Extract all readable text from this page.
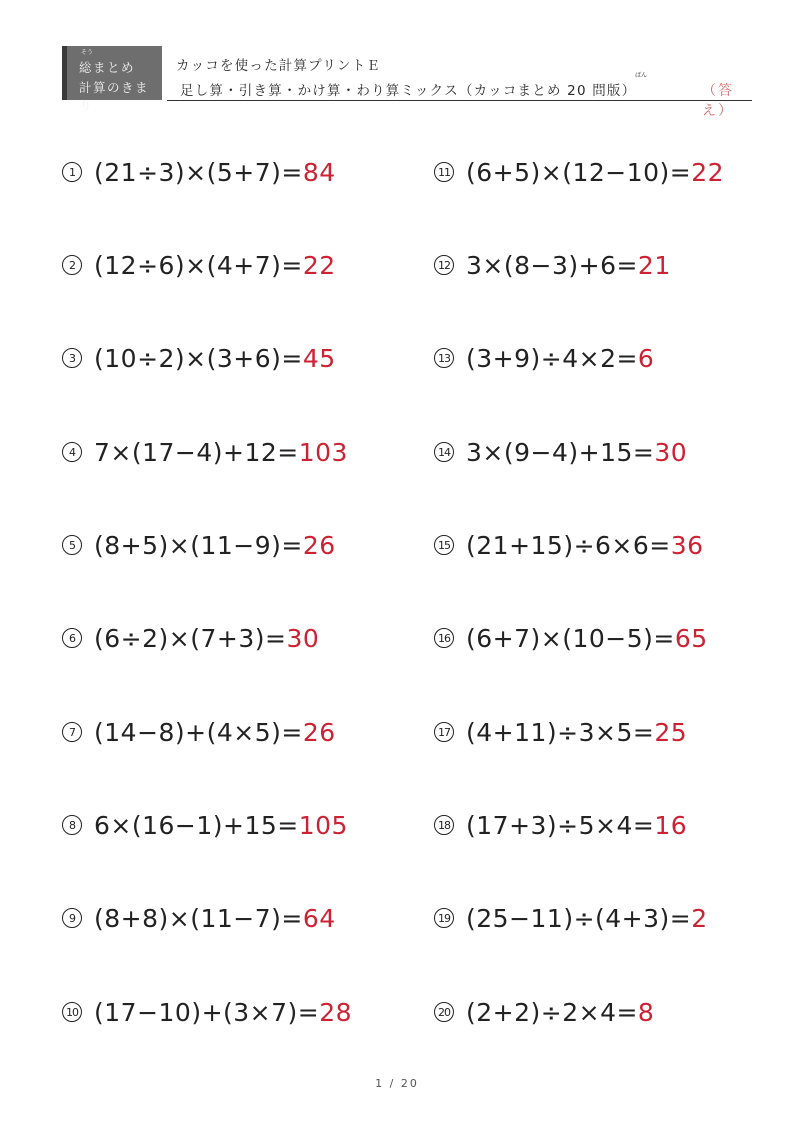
そう
総まとめ
計算のきまり
カッコを使った計算プリントＥ
ばん
足し算・引き算・かけ算・わり算ミックス（カッコまとめ 20 問版）	（答え）
1 (21÷3)×(5+7)= 84
2 (12÷6)×(4+7)= 22
3 (10÷2)×(3+6)= 45
4 7×(17−4)+12= 103
5 (8+5)×(11−9)= 26
6 (6÷2)×(7+3)= 30
7 (14−8)+(4×5)= 26
8 6×(16−1)+15= 105
9 (8+8)×(11−7)= 64
10 (17−10)+(3×7)= 28
11 (6+5)×(12−10)= 22
12 3×(8−3)+6= 21
13 (3+9)÷4×2= 6
14 3×(9−4)+15= 30
15 (21+15)÷6×6= 36
16 (6+7)×(10−5)= 65
17 (4+11)÷3×5= 25
18 (17+3)÷5×4= 16
19 (25−11)÷(4+3)= 2
20 (2+2)÷2×4= 8
1 / 20
